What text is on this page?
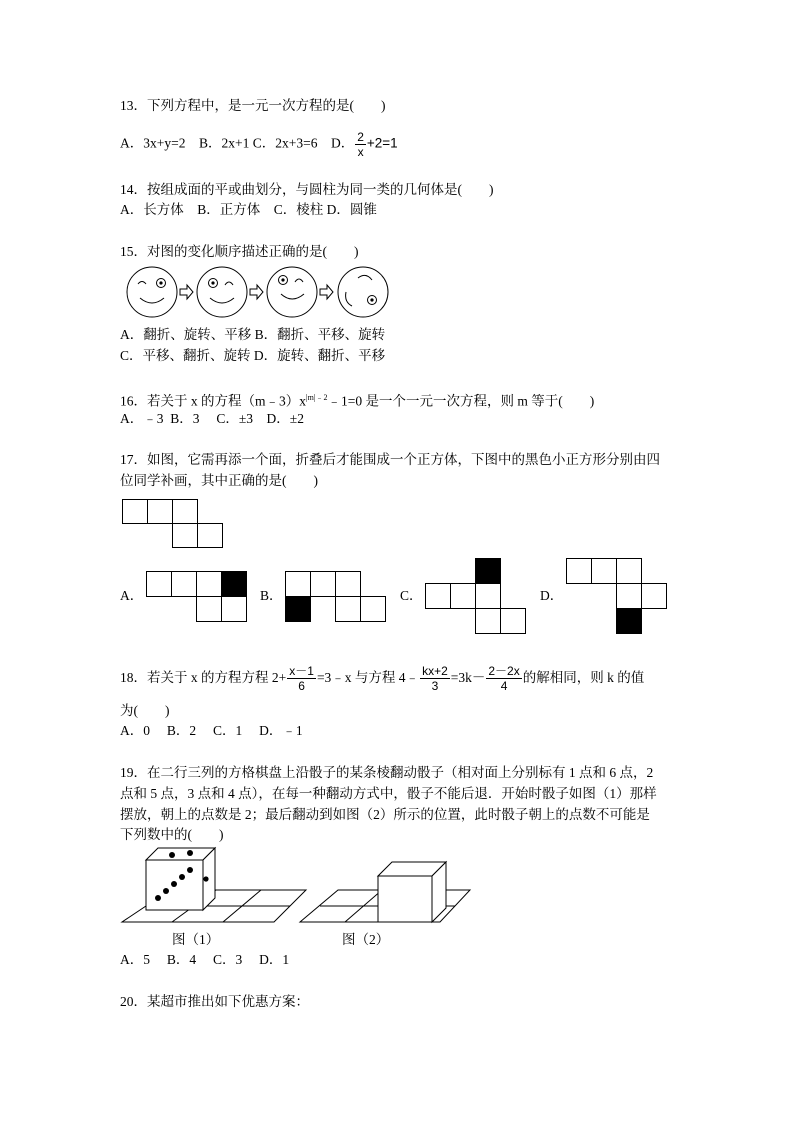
13．下列方程中，是一元一次方程的是(        )
A．3x+y=2 B．2x+1 C．2x+3=6 D． $\frac{2}{x} +2=1$
14．按组成面的平或曲划分，与圆柱为同一类的几何体是(        )
A．长方体    B．正方体    C．棱柱 D．圆锥
15．对图的变化顺序描述正确的是(        )
A．翻折、旋转、平移 B．翻折、平移、旋转
C．平移、翻折、旋转 D．旋转、翻折、平移
16．若关于 x 的方程$(m﹣3)x^{|m|﹣2}﹣1=0$ 是一个一元一次方程，则 m 等于(        )
A．﹣3  B．3     C．±3    D．±2
17．如图，它需再添一个面，折叠后才能围成一个正方体，下图中的黑色小正方形分别由四
位同学补画，其中正确的是(        )
A．	B．	C．	D．
18．若关于 x 的方程方程 $2+ \frac{x-1}{6}$ =3﹣x 与方程 4﹣ $\frac{kx+2}{3} =3k- \frac{2-2x}{4}$ 的解相同，则 k 的值
为(        )
A．0     B．2     C．1     D．﹣1
19．在二行三列的方格棋盘上沿骰子的某条棱翻动骰子（相对面上分别标有 1 点和 6 点，2
点和 5 点，3 点和 4 点），在每一种翻动方式中，骰子不能后退．开始时骰子如图（1）那样
摆放，朝上的点数是 2；最后翻动到如图（2）所示的位置，此时骰子朝上的点数不可能是
下列数中的(        )
图（1）	图（2）
A．5     B．4     C．3     D．1
20．某超市推出如下优惠方案：
